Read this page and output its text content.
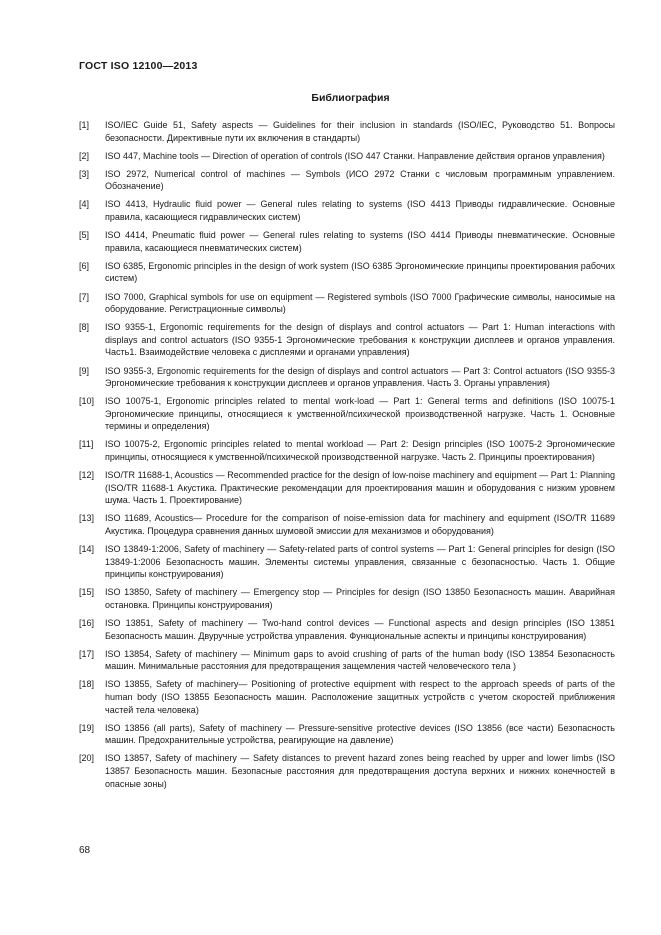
ГОСТ ISO 12100—2013
Библиография
[1]	ISO/IEC Guide 51, Safety aspects — Guidelines for their inclusion in standards (ISO/IEC, Руководство 51. Вопросы безопасности. Директивные пути их включения в стандарты)
[2]	ISO 447, Machine tools — Direction of operation of controls (ISO 447 Станки. Направление действия органов управления)
[3]	ISO 2972, Numerical control of machines — Symbols (ИСО 2972 Станки с числовым программным управлением. Обозначение)
[4]	ISO 4413, Hydraulic fluid power — General rules relating to systems (ISO 4413 Приводы гидравлические. Основные правила, касающиеся гидравлических систем)
[5]	ISO 4414, Pneumatic fluid power — General rules relating to systems (ISO 4414 Приводы пневматические. Основные правила, касающиеся пневматических систем)
[6]	ISO 6385, Ergonomic principles in the design of work system (ISO 6385 Эргономические принципы проектирования рабочих систем)
[7]	ISO 7000, Graphical symbols for use on equipment — Registered symbols (ISO 7000 Графические символы, наносимые на оборудование. Регистрационные символы)
[8]	ISO 9355-1, Ergonomic requirements for the design of displays and control actuators — Part 1: Human interactions with displays and control actuators (ISO 9355-1 Эргономические требования к конструкции дисплеев и органов управления. Часть1. Взаимодействие человека с дисплеями и органами управления)
[9]	ISO 9355-3, Ergonomic requirements for the design of displays and control actuators — Part 3: Control actuators (ISO 9355-3 Эргономические требования к конструкции дисплеев и органов управления. Часть 3. Органы управления)
[10]	ISO 10075-1, Ergonomic principles related to mental work-load — Part 1: General terms and definitions (ISO 10075-1 Эргономические принципы, относящиеся к умственной/психической производственной нагрузке. Часть 1. Основные термины и определения)
[11]	ISO 10075-2, Ergonomic principles related to mental workload — Part 2: Design principles (ISO 10075-2 Эргономические принципы, относящиеся к умственной/психической производственной нагрузке. Часть 2. Принципы проектирования)
[12]	ISO/TR 11688-1, Acoustics — Recommended practice for the design of low-noise machinery and equipment — Part 1: Planning (ISO/TR 11688-1 Акустика. Практические рекомендации для проектирования машин и оборудования с низким уровнем шума. Часть 1. Проектирование)
[13]	ISO 11689, Acoustics— Procedure for the comparison of noise-emission data for machinery and equipment (ISO/TR 11689 Акустика. Процедура сравнения данных шумовой эмиссии для механизмов и оборудования)
[14]	ISO 13849-1:2006, Safety of machinery — Safety-related parts of control systems — Part 1: General principles for design (ISO 13849-1:2006 Безопасность машин. Элементы системы управления, связанные с безопасностью. Часть 1. Общие принципы конструирования)
[15]	ISO 13850, Safety of machinery — Emergency stop — Principles for design (ISO 13850 Безопасность машин. Аварийная остановка. Принципы конструирования)
[16]	ISO 13851, Safety of machinery — Two-hand control devices — Functional aspects and design principles (ISO 13851 Безопасность машин. Двуручные устройства управления. Функциональные аспекты и принципы конструирования)
[17]	ISO 13854, Safety of machinery — Minimum gaps to avoid crushing of parts of the human body (ISO 13854 Безопасность машин. Минимальные расстояния для предотвращения защемления частей человеческого тела )
[18]	ISO 13855, Safety of machinery— Positioning of protective equipment with respect to the approach speeds of parts of the human body (ISO 13855 Безопасность машин. Расположение защитных устройств с учетом скоростей приближения частей тела человека)
[19]	ISO 13856 (all parts), Safety of machinery — Pressure-sensitive protective devices (ISO 13856 (все части) Безопасность машин. Предохранительные устройства, реагирующие на давление)
[20]	ISO 13857, Safety of machinery — Safety distances to prevent hazard zones being reached by upper and lower limbs (ISO 13857 Безопасность машин. Безопасные расстояния для предотвращения доступа верхних и нижних конечностей в опасные зоны)
68
